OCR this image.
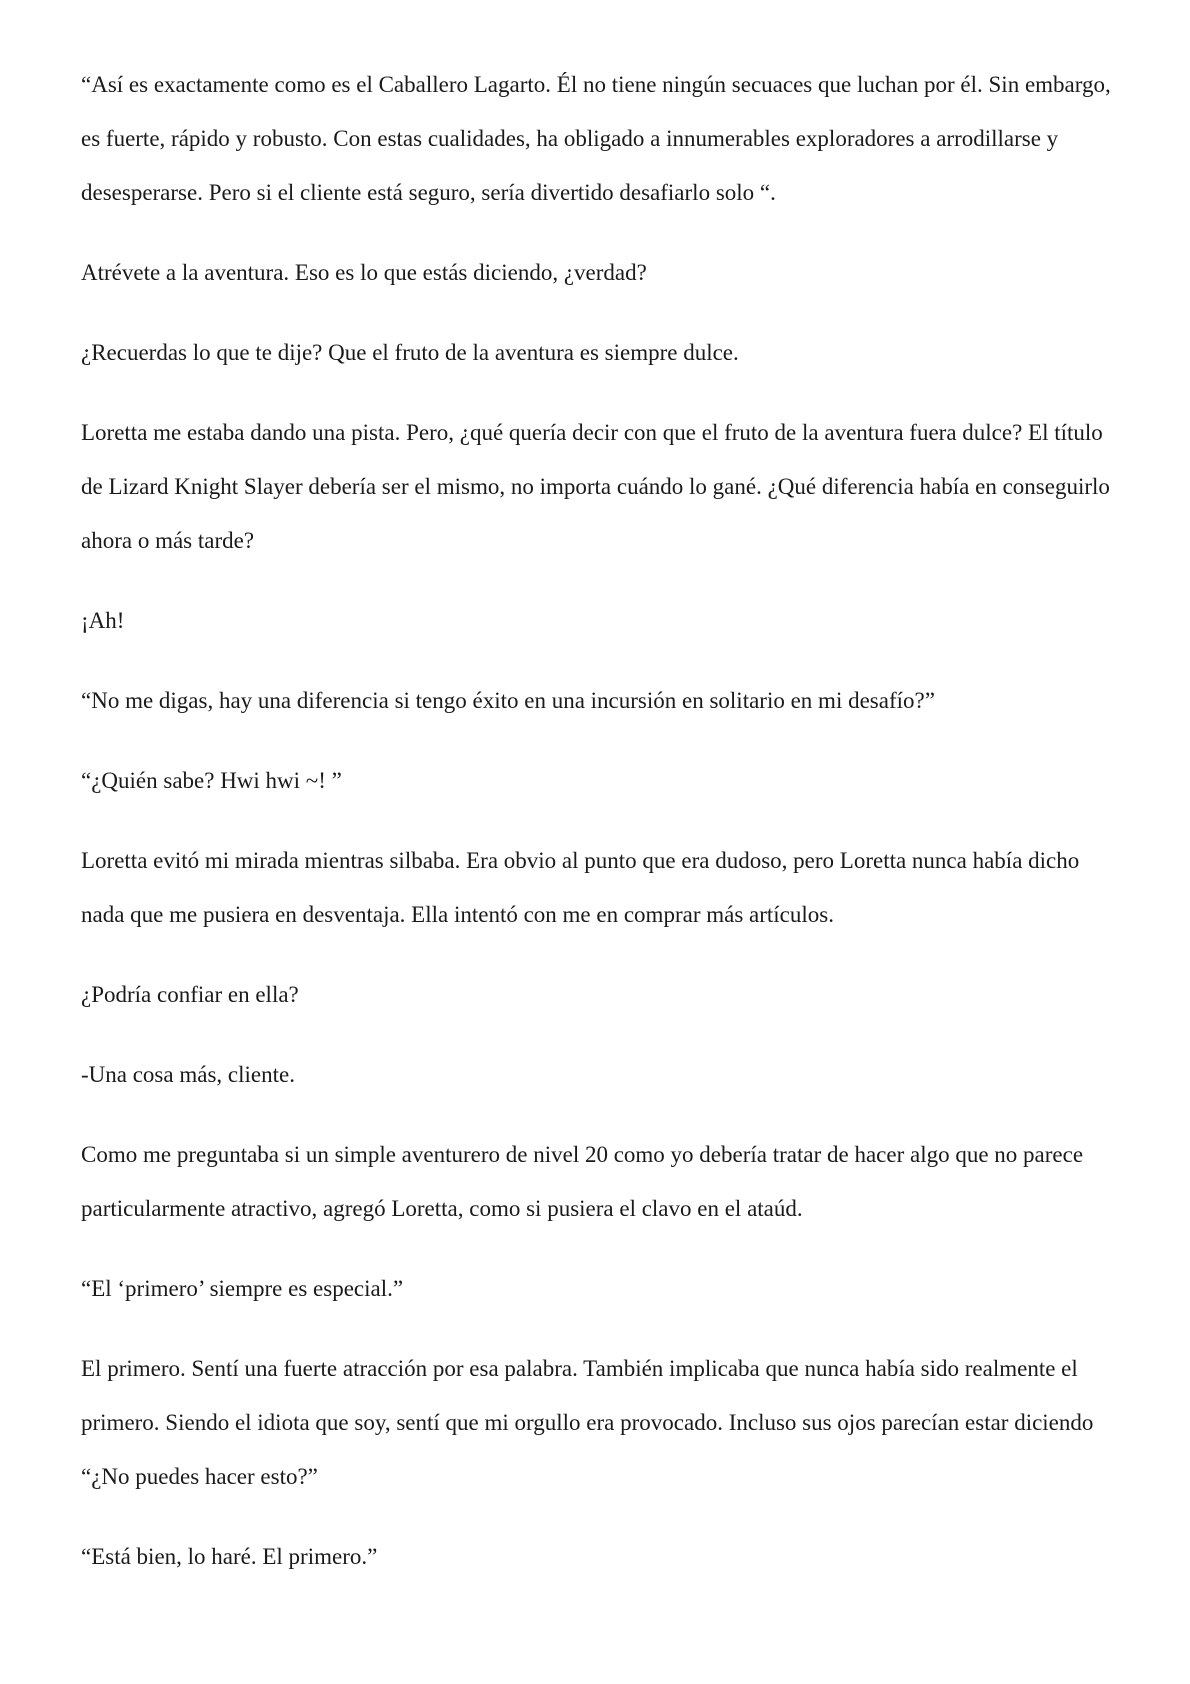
“Así es exactamente como es el Caballero Lagarto. Él no tiene ningún secuaces que luchan por él. Sin embargo, es fuerte, rápido y robusto. Con estas cualidades, ha obligado a innumerables exploradores a arrodillarse y desesperarse. Pero si el cliente está seguro, sería divertido desafiarlo solo “.

Atrévete a la aventura. Eso es lo que estás diciendo, ¿verdad?

¿Recuerdas lo que te dije? Que el fruto de la aventura es siempre dulce.

Loretta me estaba dando una pista. Pero, ¿qué quería decir con que el fruto de la aventura fuera dulce? El título de Lizard Knight Slayer debería ser el mismo, no importa cuándo lo gané. ¿Qué diferencia había en conseguirlo ahora o más tarde?

¡Ah!

“No me digas, hay una diferencia si tengo éxito en una incursión en solitario en mi desafío?”

“¿Quién sabe? Hwi hwi ~! ”

Loretta evitó mi mirada mientras silbaba. Era obvio al punto que era dudoso, pero Loretta nunca había dicho nada que me pusiera en desventaja. Ella intentó con me en comprar más artículos.

¿Podría confiar en ella?

-Una cosa más, cliente.

Como me preguntaba si un simple aventurero de nivel 20 como yo debería tratar de hacer algo que no parece particularmente atractivo, agregó Loretta, como si pusiera el clavo en el ataúd.

“El ‘primero’ siempre es especial.”

El primero. Sentí una fuerte atracción por esa palabra. También implicaba que nunca había sido realmente el primero. Siendo el idiota que soy, sentí que mi orgullo era provocado. Incluso sus ojos parecían estar diciendo “¿No puedes hacer esto?”

“Está bien, lo haré. El primero.”
